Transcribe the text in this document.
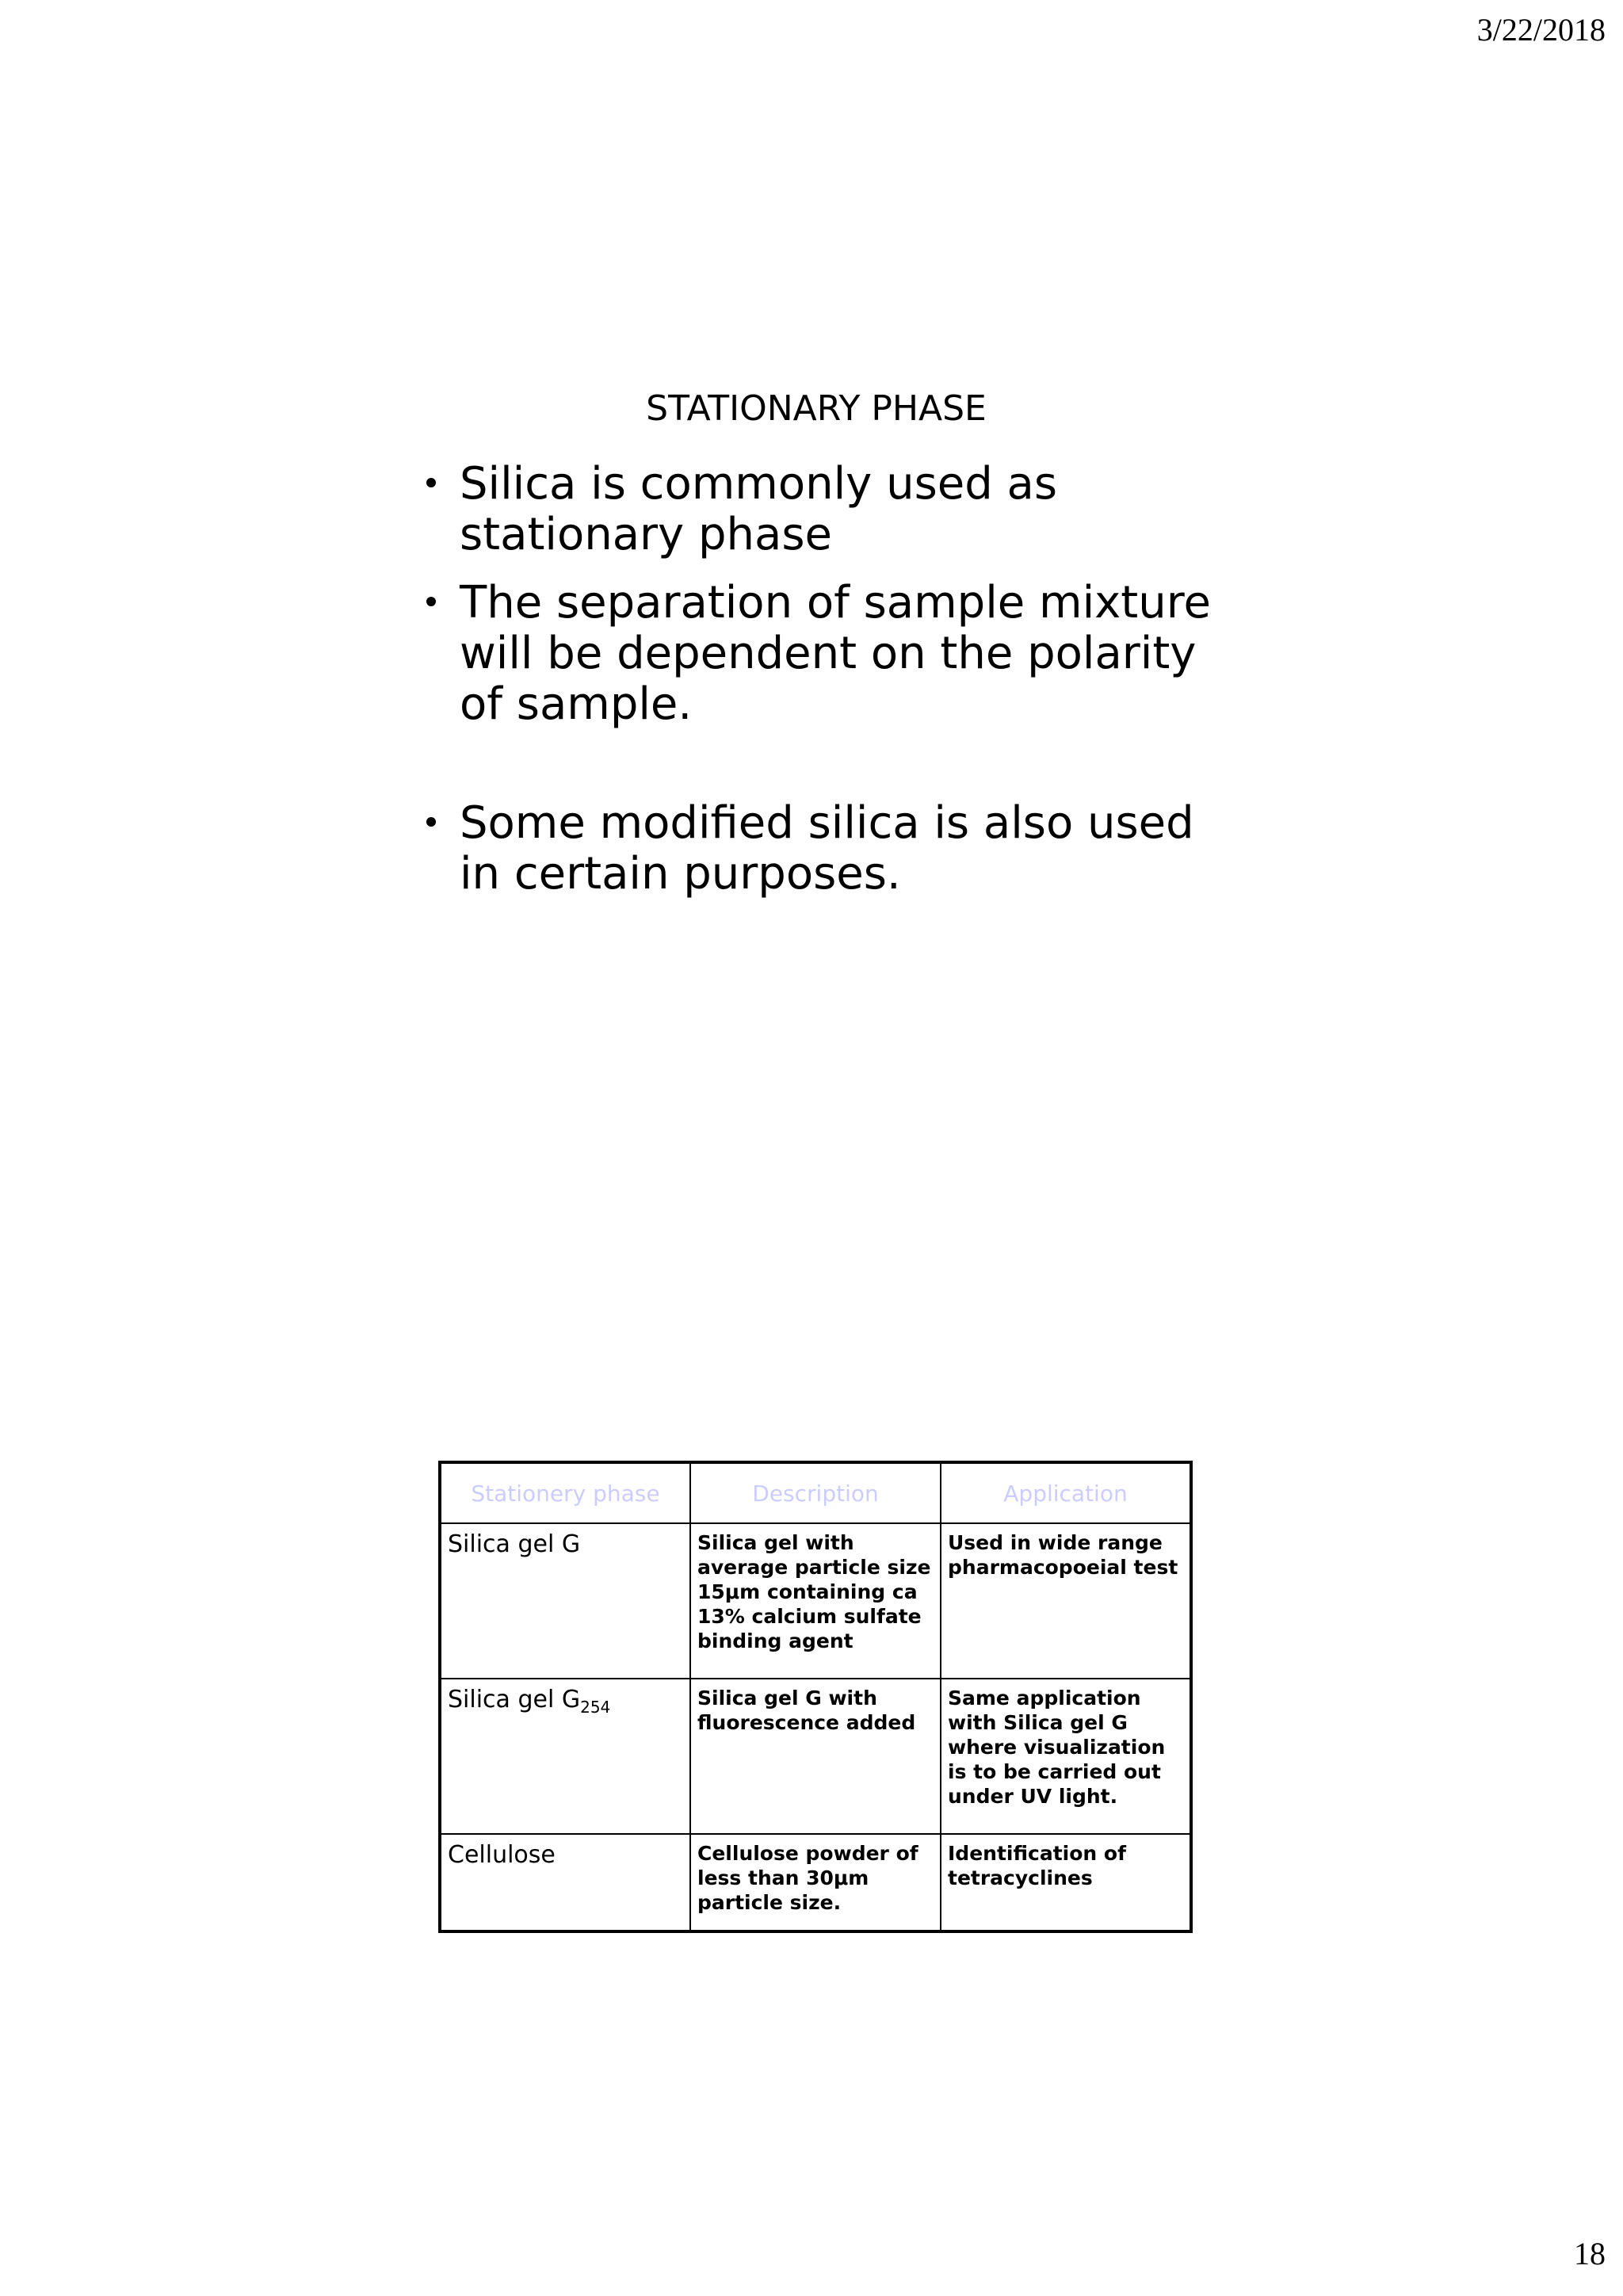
3/22/2018
STATIONARY PHASE
Silica is commonly used as stationary phase
The separation of sample mixture will be dependent on the polarity of sample.
Some modified silica is also used in certain purposes.
Stationery phase	Description	Application
Silica gel G	Silica gel with average particle size 15μm containing ca 13% calcium sulfate binding agent	Used in wide range pharmacopoeial test
Silica gel $G_{254}$	Silica gel G with fluorescence added	Same application with Silica gel G where visualization is to be carried out under UV light.
Cellulose	Cellulose powder of less than 30μm particle size.	Identification of tetracyclines
18
